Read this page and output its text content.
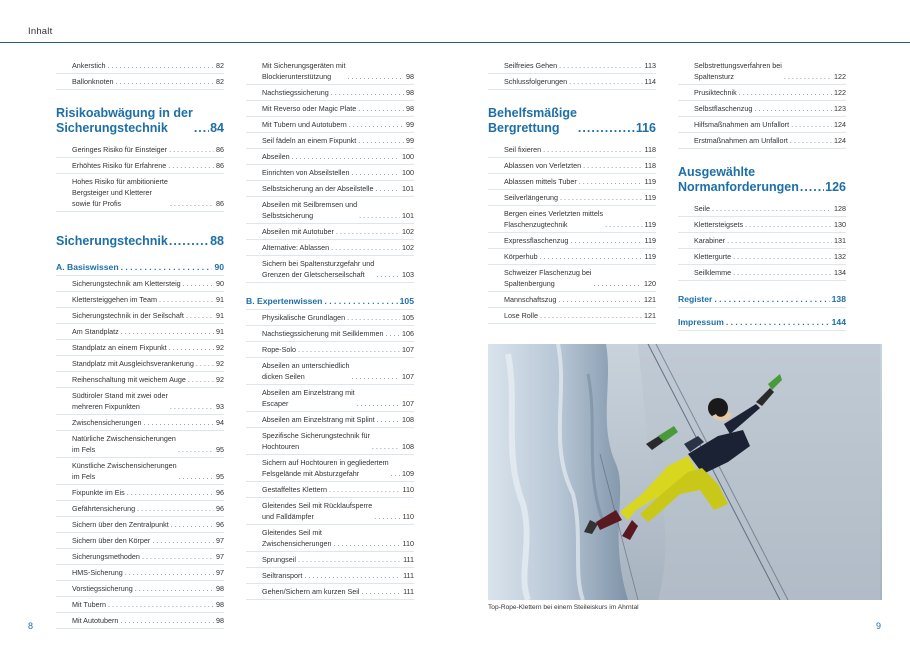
Inhalt
Ankerstich . . .	82
Ballonknoten . . .	82
Risikoabwägung in der
Sicherungstechnik .....	84
Geringes Risiko für Einsteiger . . .	86
Erhöhtes Risiko für Erfahrene . . .	86
Hohes Risiko für ambitionierte
Bergsteiger und Kletterer
sowie für Profis . . .	86
Sicherungstechnik .....	88
A. Basiswissen . . .	90
Sicherungstechnik am Klettersteig . . .	90
Klettersteiggehen im Team . . .	91
Sicherungstechnik in der Seilschaft . . .	91
Am Standplatz . . .	91
Standplatz an einem Fixpunkt . . .	92
Standplatz mit Ausgleichsverankerung . . .	92
Reihenschaltung mit weichem Auge . . .	92
Südtiroler Stand mit zwei oder
mehreren Fixpunkten . . .	93
Zwischensicherungen . . .	94
Natürliche Zwischensicherungen
im Fels . . .	95
Künstliche Zwischensicherungen
im Fels . . .	95
Fixpunkte im Eis . . .	96
Gefährtensicherung . . .	96
Sichern über den Zentralpunkt . . .	96
Sichern über den Körper . . .	97
Sicherungsmethoden . . .	97
HMS-Sicherung . . .	97
Vorstiegssicherung . . .	98
Mit Tubern . . .	98
Mit Autotubern . . .	98
Mit Sicherungsgeräten mit
Blockierunterstützung . . .	98
Nachstiegssicherung . . .	98
Mit Reverso oder Magic Plate . . .	98
Mit Tubern und Autotubern . . .	99
Seil fädeln an einem Fixpunkt . . .	99
Abseilen . . .	100
Einrichten von Abseilstellen . . .	100
Selbstsicherung an der Abseilstelle . . .	101
Abseilen mit Seilbremsen und
Selbstsicherung . . .	101
Abseilen mit Autotuber . . .	102
Alternative: Ablassen . . .	102
Sichern bei Spaltensturzgefahr und
Grenzen der Gletscherseilschaft . . .	103
B. Expertenwissen . . .	105
Physikalische Grundlagen . . .	105
Nachstiegssicherung mit Seilklemmen . . .	106
Rope-Solo . . .	107
Abseilen an unterschiedlich
dicken Seilen . . .	107
Abseilen am Einzelstrang mit
Escaper . . .	107
Abseilen am Einzelstrang mit Splint . . .	108
Spezifische Sicherungstechnik für
Hochtouren . . .	108
Sichern auf Hochtouren in gegliedertem
Felsgelände mit Absturzgefahr . . .	109
Gestaffeltes Klettern . . .	110
Gleitendes Seil mit Rücklaufsperre
und Falldämpfer . . .	110
Gleitendes Seil mit
Zwischensicherungen . . .	110
Sprungseil . . .	111
Seiltransport . . .	111
Gehen/Sichern am kurzen Seil . . .	111
Seilfreies Gehen . . .	113
Schlussfolgerungen . . .	114
Behelfsmäßige
Bergrettung .....	116
Seil fixieren . . .	118
Ablassen von Verletzten . . .	118
Ablassen mittels Tuber . . .	119
Seilverlängerung . . .	119
Bergen eines Verletzten mittels
Flaschenzugtechnik . . .	119
Expressflaschenzug . . .	119
Körperhub . . .	119
Schweizer Flaschenzug bei
Spaltenbergung . . .	120
Mannschaftszug . . .	121
Lose Rolle . . .	121
Selbstrettungsverfahren bei
Spaltensturz . . .	122
Prusiktechnik . . .	122
Selbstflaschenzug . . .	123
Hilfsmaßnahmen am Unfallort . . .	124
Erstmaßnahmen am Unfallort . . .	124
Ausgewählte
Normanforderungen ..... 126
Seile . . .	128
Klettersteigsets . . .	130
Karabiner . . .	131
Klettergurte . . .	132
Seilklemme . . .	134
Register . . .	138
Impressum . . .	144
Top-Rope-Klettern bei einem Steileiskurs im Ahrntal
8	9
